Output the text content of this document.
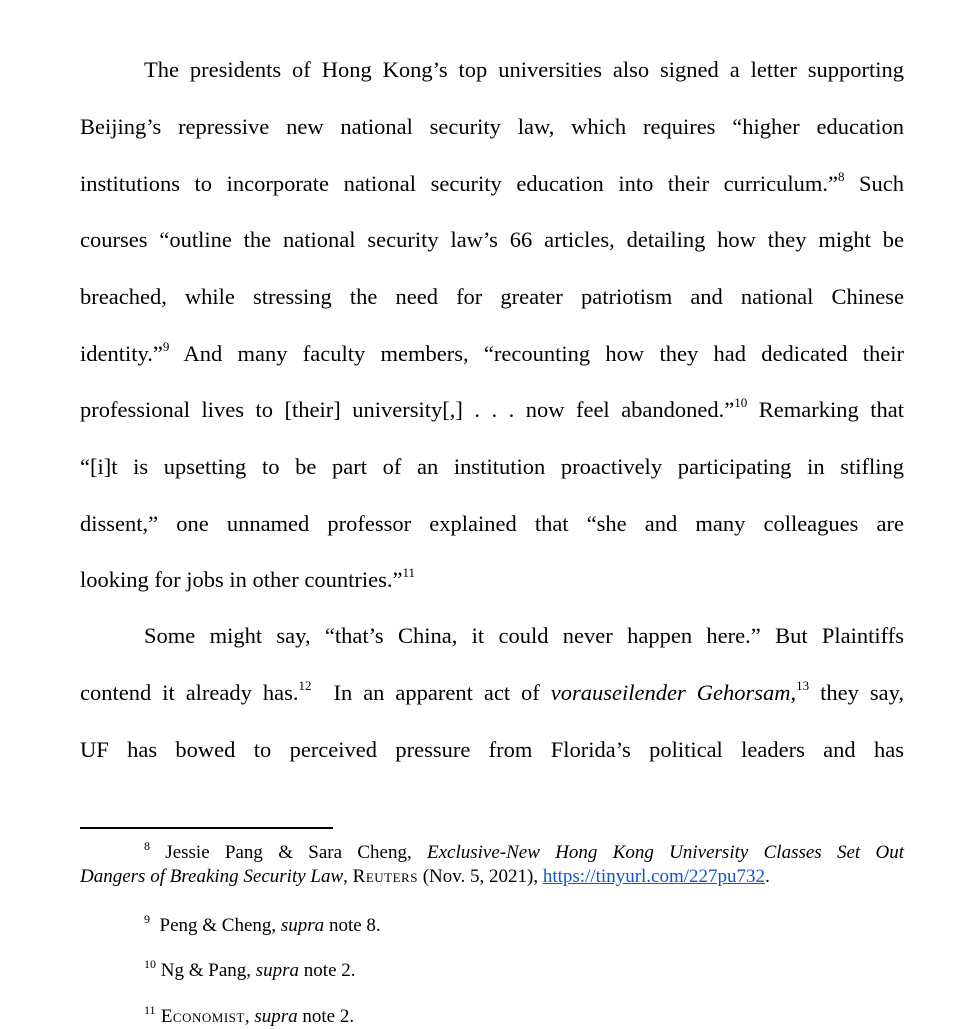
The presidents of Hong Kong’s top universities also signed a letter supporting
Beijing’s repressive new national security law, which requires “higher education
institutions to incorporate national security education into their curriculum.”$^8$ Such
courses “outline the national security law’s 66 articles, detailing how they might be
breached, while stressing the need for greater patriotism and national Chinese
identity.”$^9$ And many faculty members, “recounting how they had dedicated their
professional lives to [their] university[,] . . . now feel abandoned.”$^{10}$ Remarking that
“[i]t is upsetting to be part of an institution proactively participating in stifling
dissent,” one unnamed professor explained that “she and many colleagues are
looking for jobs in other countries.”$^{11}$
Some might say, “that’s China, it could never happen here.” But Plaintiffs
contend it already has.$^{12}$  In an apparent act of vorauseilender Gehorsam,$^{13}$ they say,
UF has bowed to perceived pressure from Florida’s political leaders and has
$^8$ Jessie Pang & Sara Cheng, Exclusive-New Hong Kong University Classes Set Out
Dangers of Breaking Security Law, Reuters (Nov. 5, 2021), https://tinyurl.com/227pu732.
$^9$  Peng & Cheng, supra note 8.
$^{10}$ Ng & Pang, supra note 2.
$^{11}$ Economist, supra note 2.
